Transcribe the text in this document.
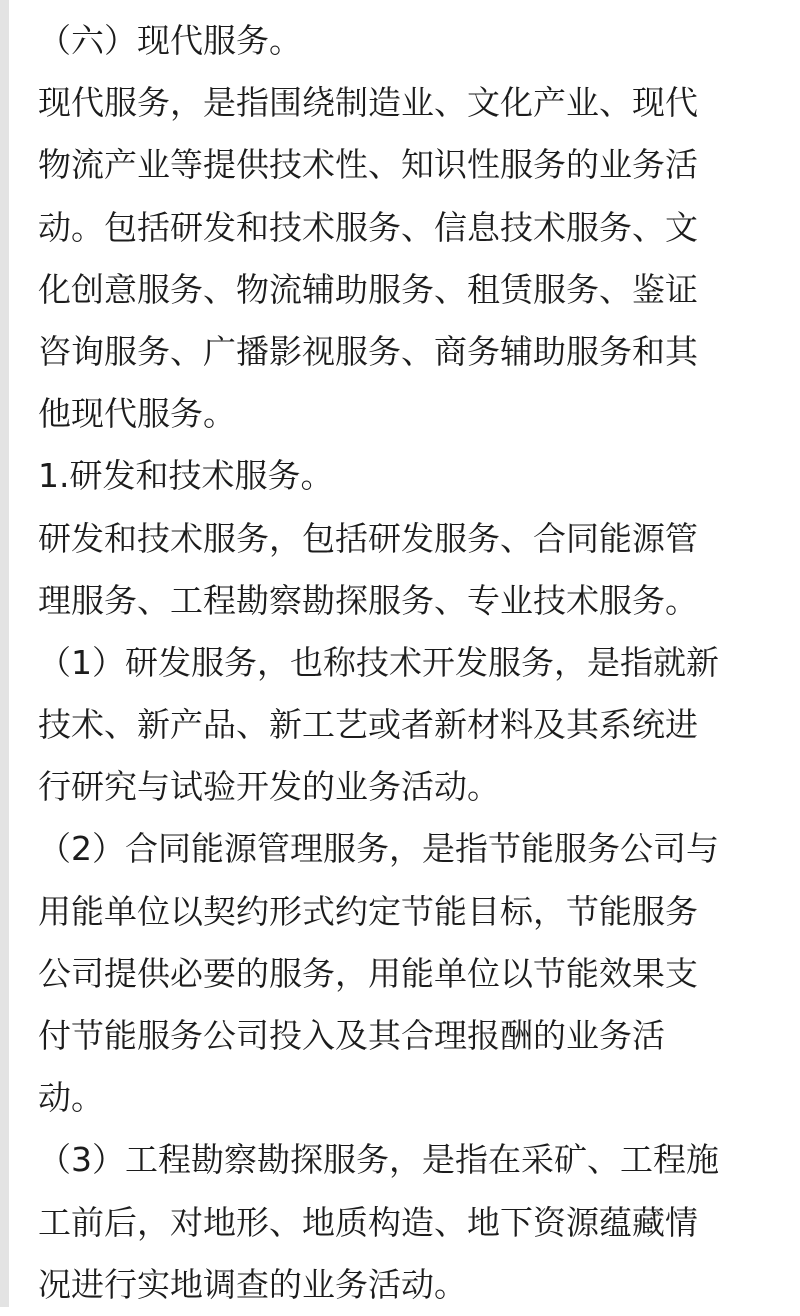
（六）现代服务。
现代服务，是指围绕制造业、文化产业、现代
物流产业等提供技术性、知识性服务的业务活
动。包括研发和技术服务、信息技术服务、文
化创意服务、物流辅助服务、租赁服务、鉴证
咨询服务、广播影视服务、商务辅助服务和其
他现代服务。
1.研发和技术服务。
研发和技术服务，包括研发服务、合同能源管
理服务、工程勘察勘探服务、专业技术服务。
（1）研发服务，也称技术开发服务，是指就新
技术、新产品、新工艺或者新材料及其系统进
行研究与试验开发的业务活动。
（2）合同能源管理服务，是指节能服务公司与
用能单位以契约形式约定节能目标，节能服务
公司提供必要的服务，用能单位以节能效果支
付节能服务公司投入及其合理报酬的业务活
动。
（3）工程勘察勘探服务，是指在采矿、工程施
工前后，对地形、地质构造、地下资源蕴藏情
况进行实地调查的业务活动。
